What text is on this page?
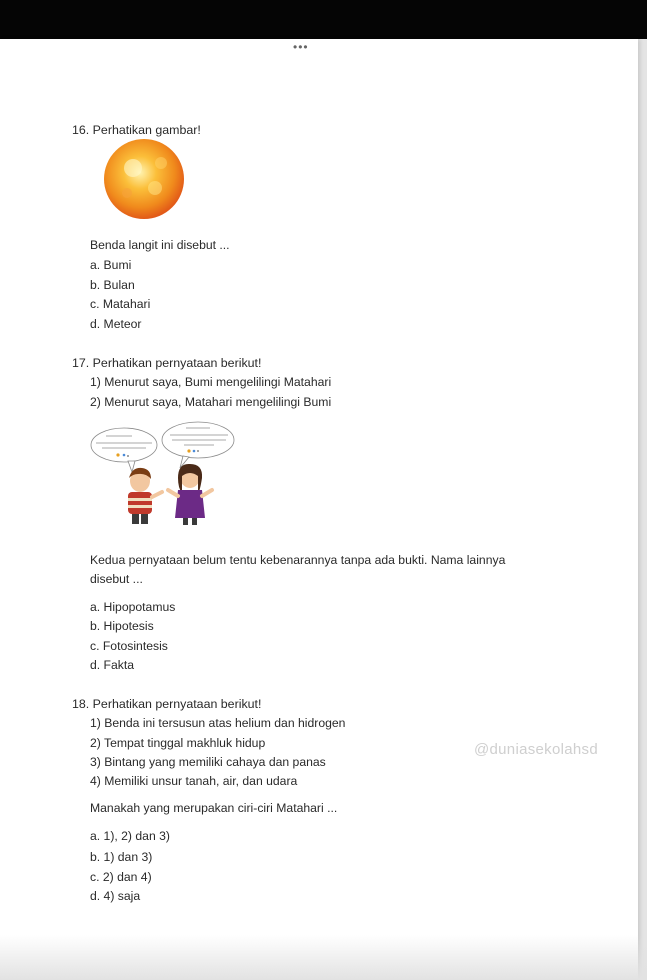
•••
16. Perhatikan gambar!
Benda langit ini disebut ...
a. Bumi
b. Bulan
c. Matahari
d. Meteor
17. Perhatikan pernyataan berikut!
1) Menurut saya, Bumi mengelilingi Matahari
2) Menurut saya, Matahari mengelilingi Bumi
Kedua pernyataan belum tentu kebenarannya tanpa ada bukti. Nama lainnya
disebut ...
a. Hipopotamus
b. Hipotesis
c. Fotosintesis
d. Fakta
18. Perhatikan pernyataan berikut!
1) Benda ini tersusun atas helium dan hidrogen
2) Tempat tinggal makhluk hidup
3) Bintang yang memiliki cahaya dan panas
4) Memiliki unsur tanah, air, dan udara
@duniasekolahsd
Manakah yang merupakan ciri-ciri Matahari ...
a. 1), 2) dan 3)
b. 1) dan 3)
c. 2) dan 4)
d. 4) saja
